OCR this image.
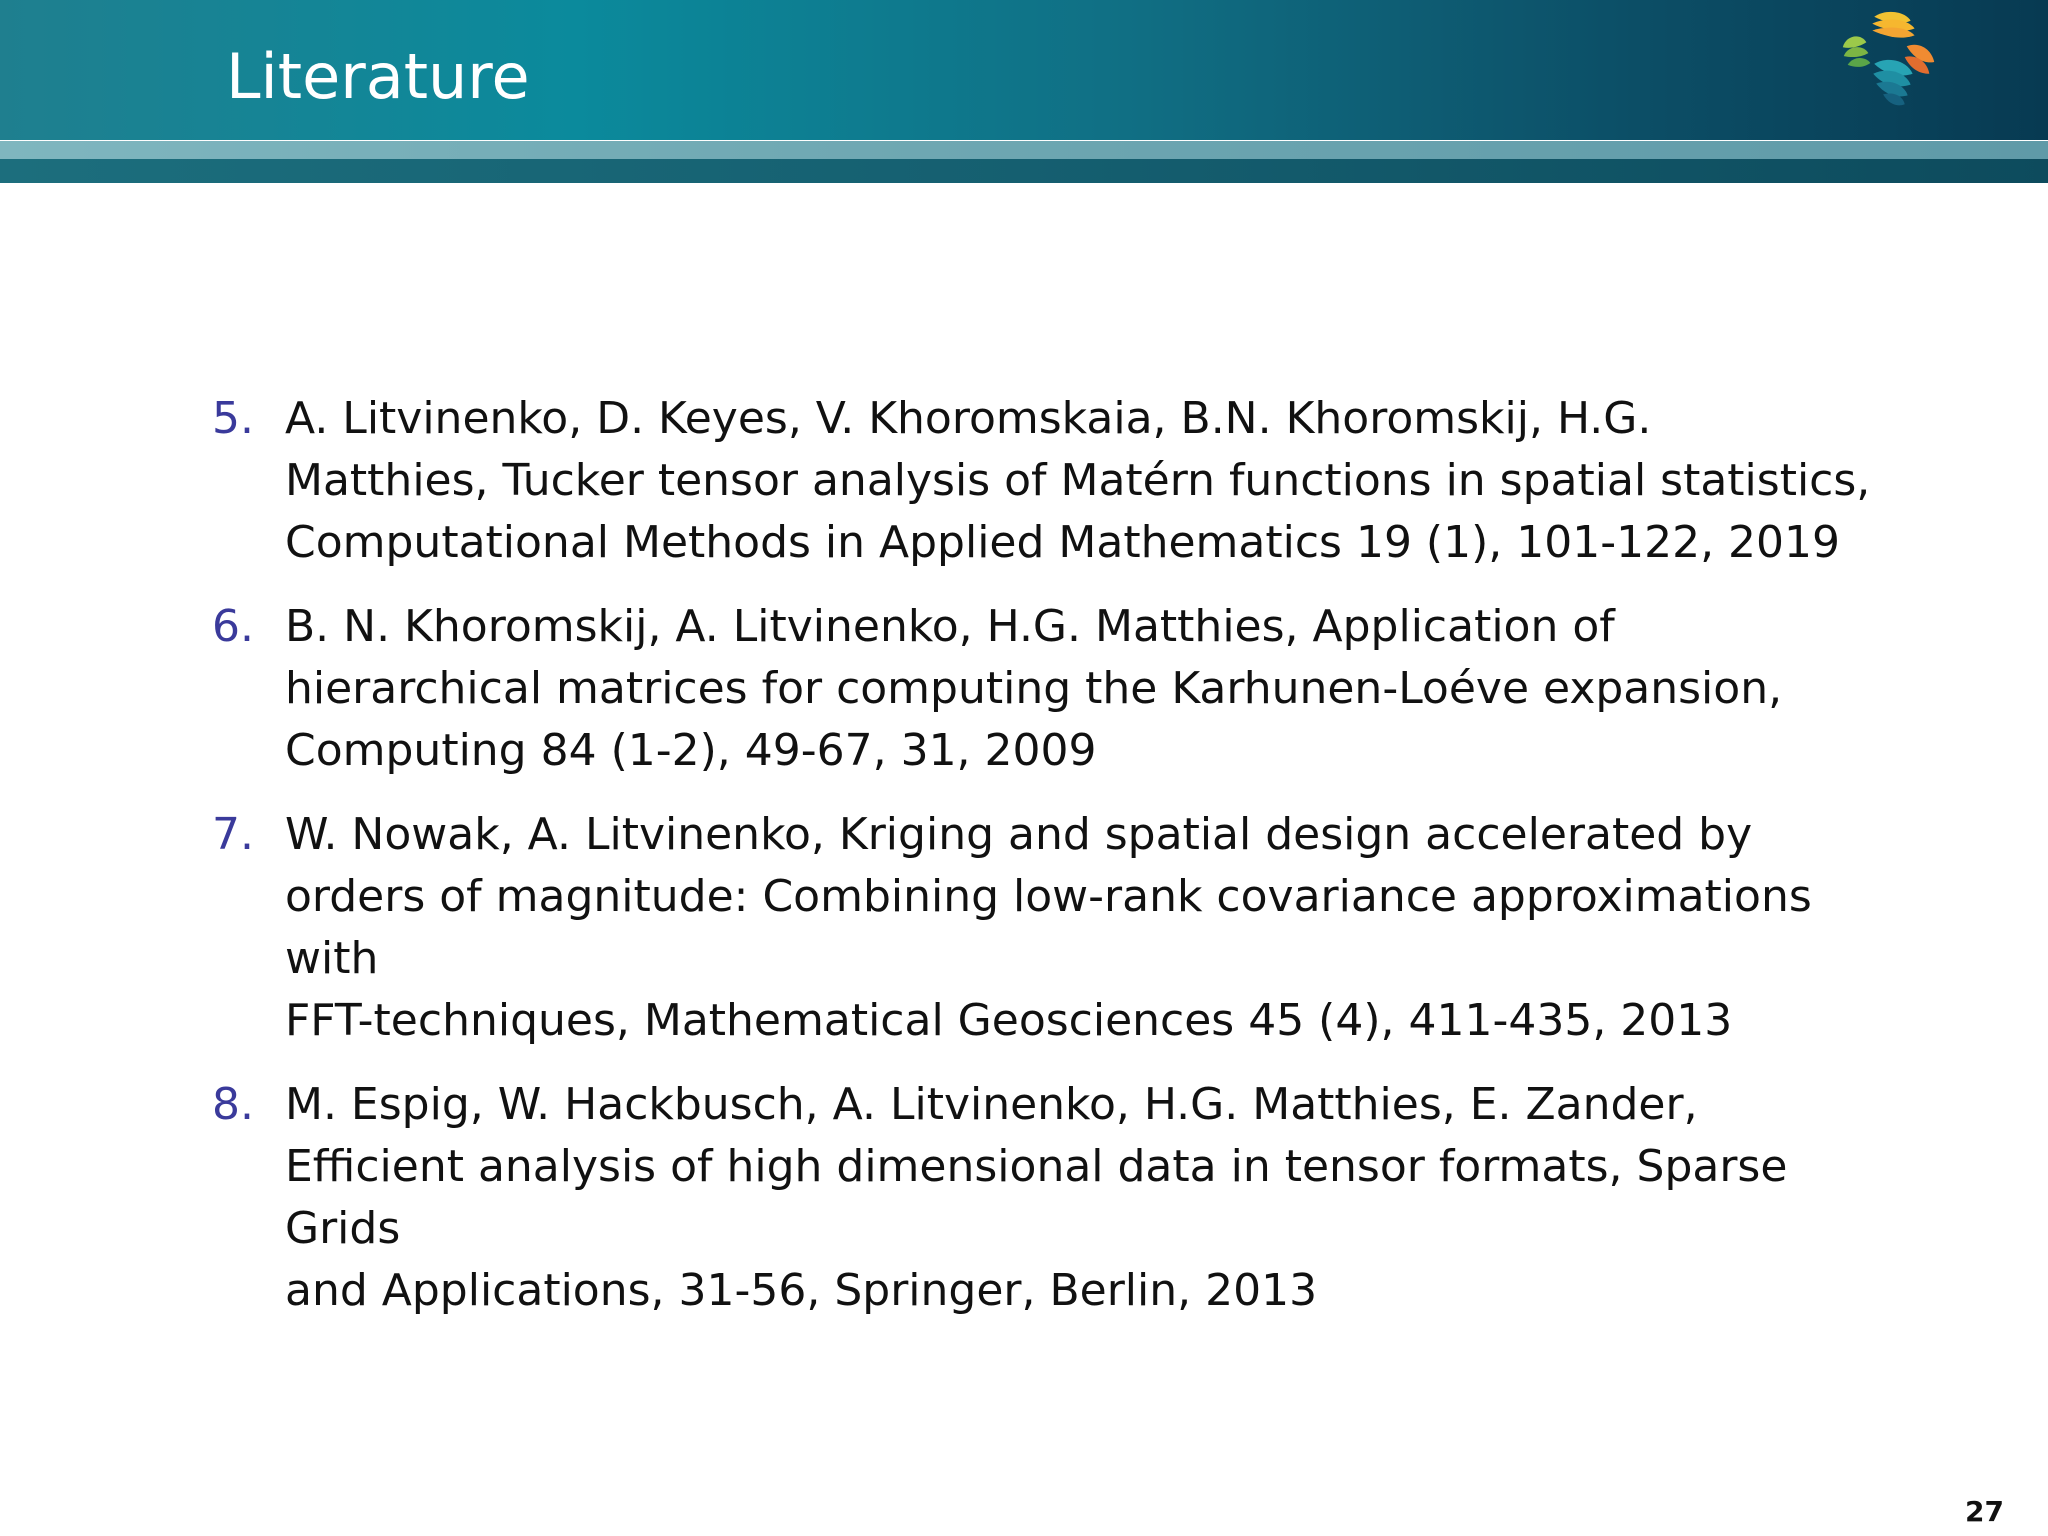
Literature
5. A. Litvinenko, D. Keyes, V. Khoromskaia, B.N. Khoromskij, H.G.
Matthies, Tucker tensor analysis of Matérn functions in spatial statistics,
Computational Methods in Applied Mathematics 19 (1), 101-122, 2019
6. B. N. Khoromskij, A. Litvinenko, H.G. Matthies, Application of
hierarchical matrices for computing the Karhunen-Loéve expansion,
Computing 84 (1-2), 49-67, 31, 2009
7. W. Nowak, A. Litvinenko, Kriging and spatial design accelerated by
orders of magnitude: Combining low-rank covariance approximations with
FFT-techniques, Mathematical Geosciences 45 (4), 411-435, 2013
8. M. Espig, W. Hackbusch, A. Litvinenko, H.G. Matthies, E. Zander,
Efficient analysis of high dimensional data in tensor formats, Sparse Grids
and Applications, 31-56, Springer, Berlin, 2013
27
